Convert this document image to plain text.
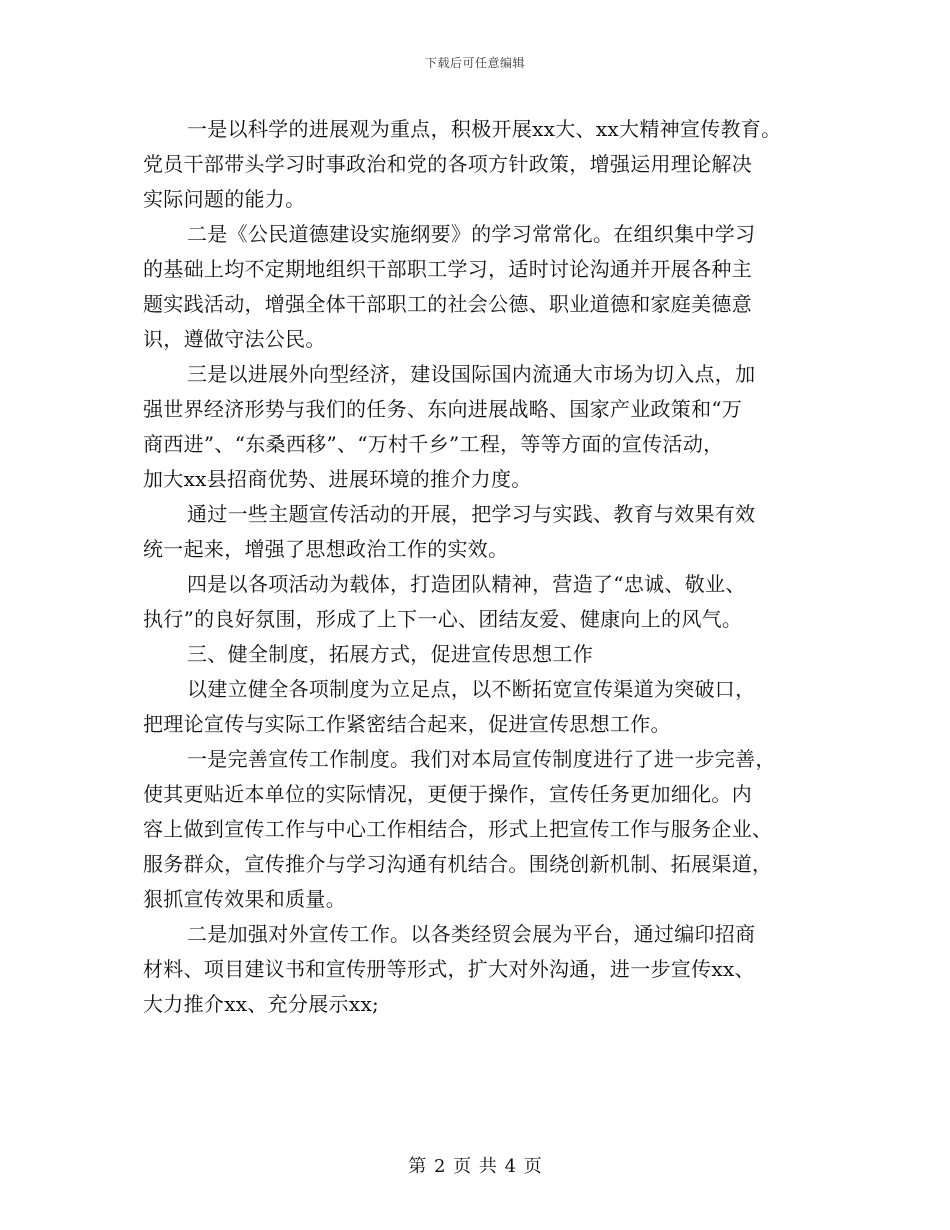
下载后可任意编辑
一是以科学的进展观为重点，积极开展xx大、xx大精神宣传教育。
党员干部带头学习时事政治和党的各项方针政策，增强运用理论解决
实际问题的能力。
二是《公民道德建设实施纲要》的学习常常化。在组织集中学习
的基础上均不定期地组织干部职工学习，适时讨论沟通并开展各种主
题实践活动，增强全体干部职工的社会公德、职业道德和家庭美德意
识，遵做守法公民。
三是以进展外向型经济，建设国际国内流通大市场为切入点，加
强世界经济形势与我们的任务、东向进展战略、国家产业政策和“万
商西进”、“东桑西移”、“万村千乡”工程，等等方面的宣传活动，
加大xx县招商优势、进展环境的推介力度。
通过一些主题宣传活动的开展，把学习与实践、教育与效果有效
统一起来，增强了思想政治工作的实效。
四是以各项活动为载体，打造团队精神，营造了“忠诚、敬业、
执行”的良好氛围，形成了上下一心、团结友爱、健康向上的风气。
三、健全制度，拓展方式，促进宣传思想工作
以建立健全各项制度为立足点，以不断拓宽宣传渠道为突破口，
把理论宣传与实际工作紧密结合起来，促进宣传思想工作。
一是完善宣传工作制度。我们对本局宣传制度进行了进一步完善，
使其更贴近本单位的实际情况，更便于操作，宣传任务更加细化。内
容上做到宣传工作与中心工作相结合，形式上把宣传工作与服务企业、
服务群众，宣传推介与学习沟通有机结合。围绕创新机制、拓展渠道，
狠抓宣传效果和质量。
二是加强对外宣传工作。以各类经贸会展为平台，通过编印招商
材料、项目建议书和宣传册等形式，扩大对外沟通，进一步宣传xx、
大力推介xx、充分展示xx;
第 2 页 共 4 页
